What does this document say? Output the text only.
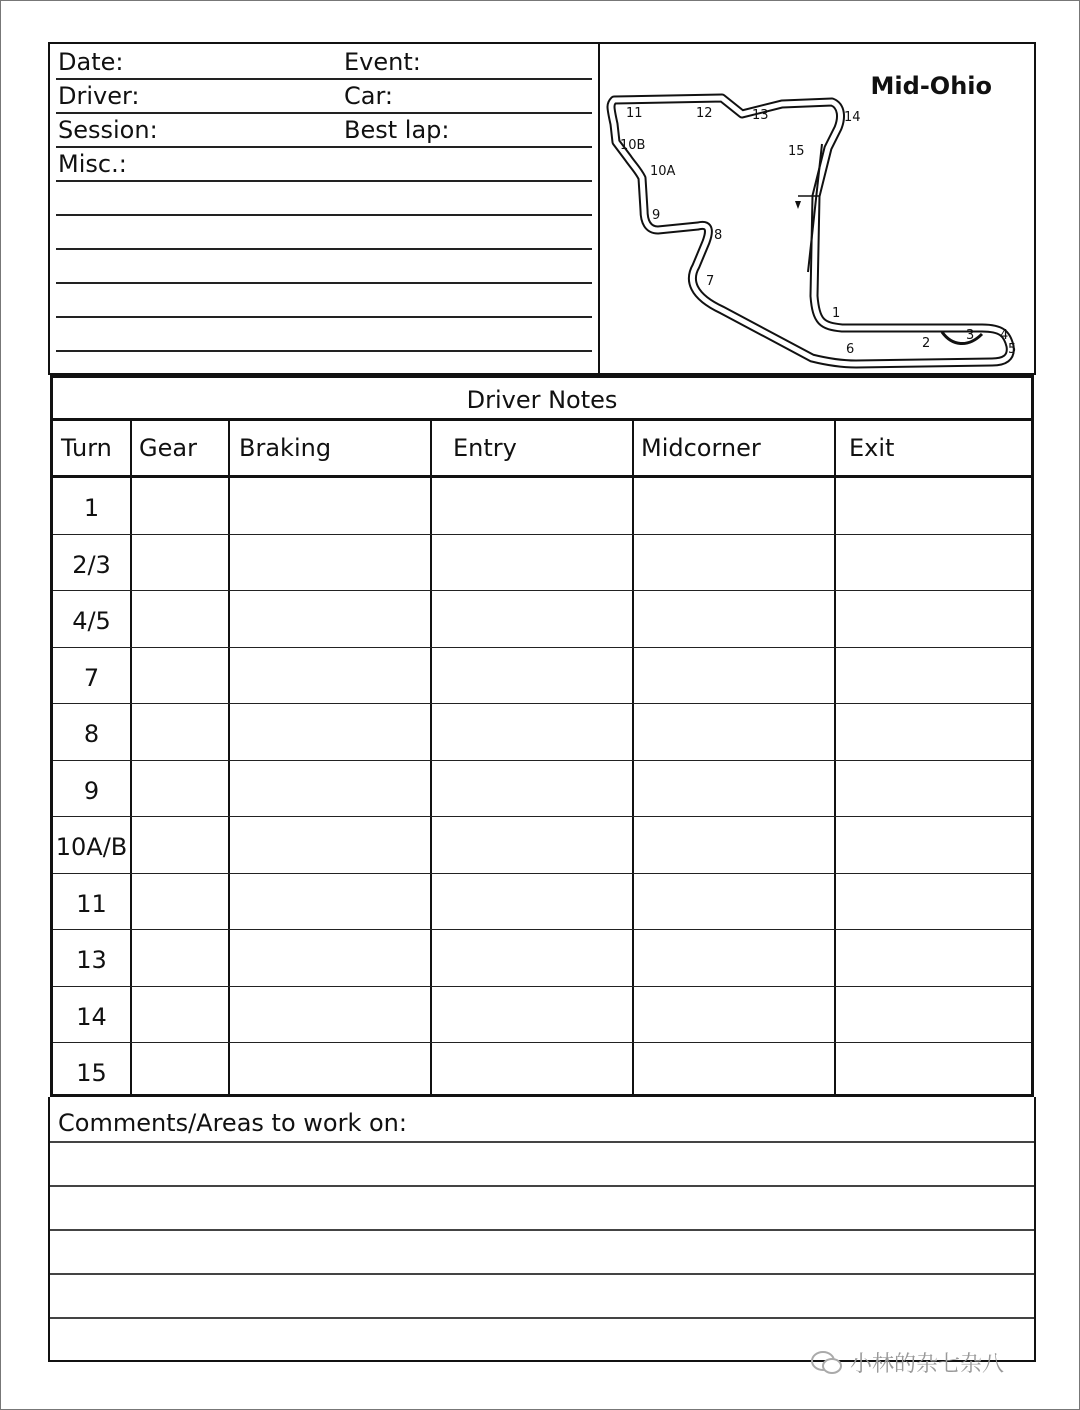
Date:	Event:
Driver:	Car:
Session:	Best lap:
Misc.:
Mid-Ohio
11	12	13	14
15
10B
10A
9
8
7
1
6	2
3 4
5
Driver Notes
Turn	Gear	Braking	Entry	Midcorner	Exit
1
2/3
4/5
7
8
9
10A/B
11
13
14
15
Comments/Areas to work on:
小林的杂七杂八
